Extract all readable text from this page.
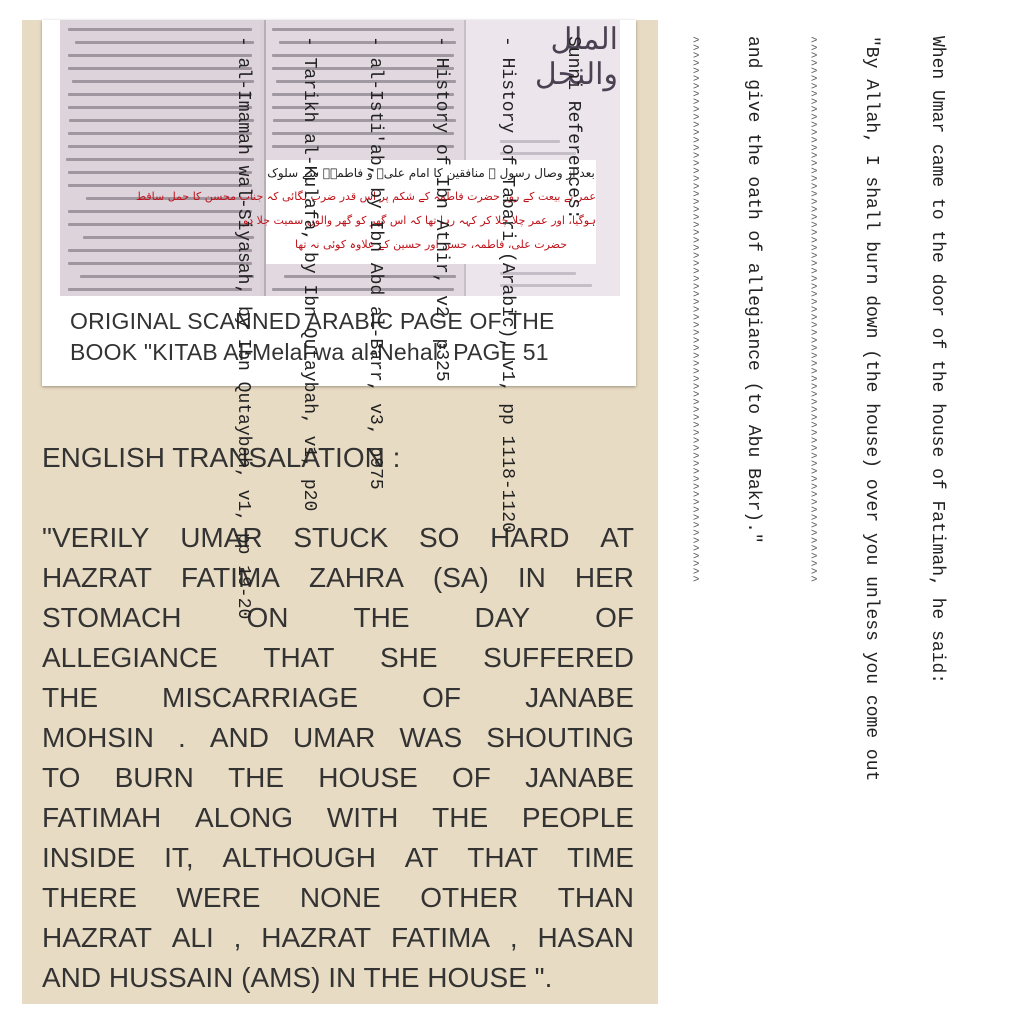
الملل والنحل
بعد از وصال رسول ﷺ منافقین کا امام علیؑ و فاطمہؑ سے سلوک
عمر نے بیعت کے روز حضرت فاطمہ کے شکم پر اس قدر ضرب لگائی کہ جناب محسن کا حمل ساقط
ہوگیا، اور عمر چلا چلا کر کہہ رہا تھا کہ اس گھر کو گھر والوں سمیت جلا دو
حضرت علی، فاطمہ، حسن اور حسین کے علاوہ کوئی نہ تھا
ORIGINAL SCANNED ARABIC PAGE OF THE
BOOK "KITAB Al-Melal wa al-Nehal" PAGE 51
ENGLISH TRANSALATION :
"VERILY UMAR STUCK SO HARD AT
HAZRAT FATIMA ZAHRA (SA) IN HER
STOMACH ON THE DAY OF
ALLEGIANCE THAT SHE SUFFERED
THE MISCARRIAGE OF JANABE
MOHSIN . AND UMAR WAS SHOUTING
TO BURN THE HOUSE OF JANABE
FATIMAH ALONG WITH THE PEOPLE
INSIDE IT, ALTHOUGH AT THAT TIME
THERE WERE NONE OTHER THAN
HAZRAT ALI , HAZRAT FATIMA , HASAN
AND HUSSAIN (AMS) IN THE HOUSE ".

When Umar came to the door of the house of Fatimah, he said:

"By Allah, I shall burn down (the house) over you unless you come out

^^^^^^^^^^^^^^^^^^^^^^^^^^^^^^^^^^^^^^^^^^^^^^^^^^^^^^^^^^^^^^^^^^^^^^^

and give the oath of allegiance (to Abu Bakr)."

^^^^^^^^^^^^^^^^^^^^^^^^^^^^^^^^^^^^^^^^^^^^^^^^^^^^^^^^^^^^^^^^^^^^^^^

Sunni References:

- History of Tabari (Arabic), v1, pp 1118-1120

- History of Ibn Athir, v2, p325

- al-Isti'ab, by Ibn Abd al-Barr, v3, p975

- Tarikh al-Kulafa, by Ibn Qutaybah, v1, p20

- al-Imamah wal-Siyasah, by Ibn Qutaybah, v1, pp 19-20
